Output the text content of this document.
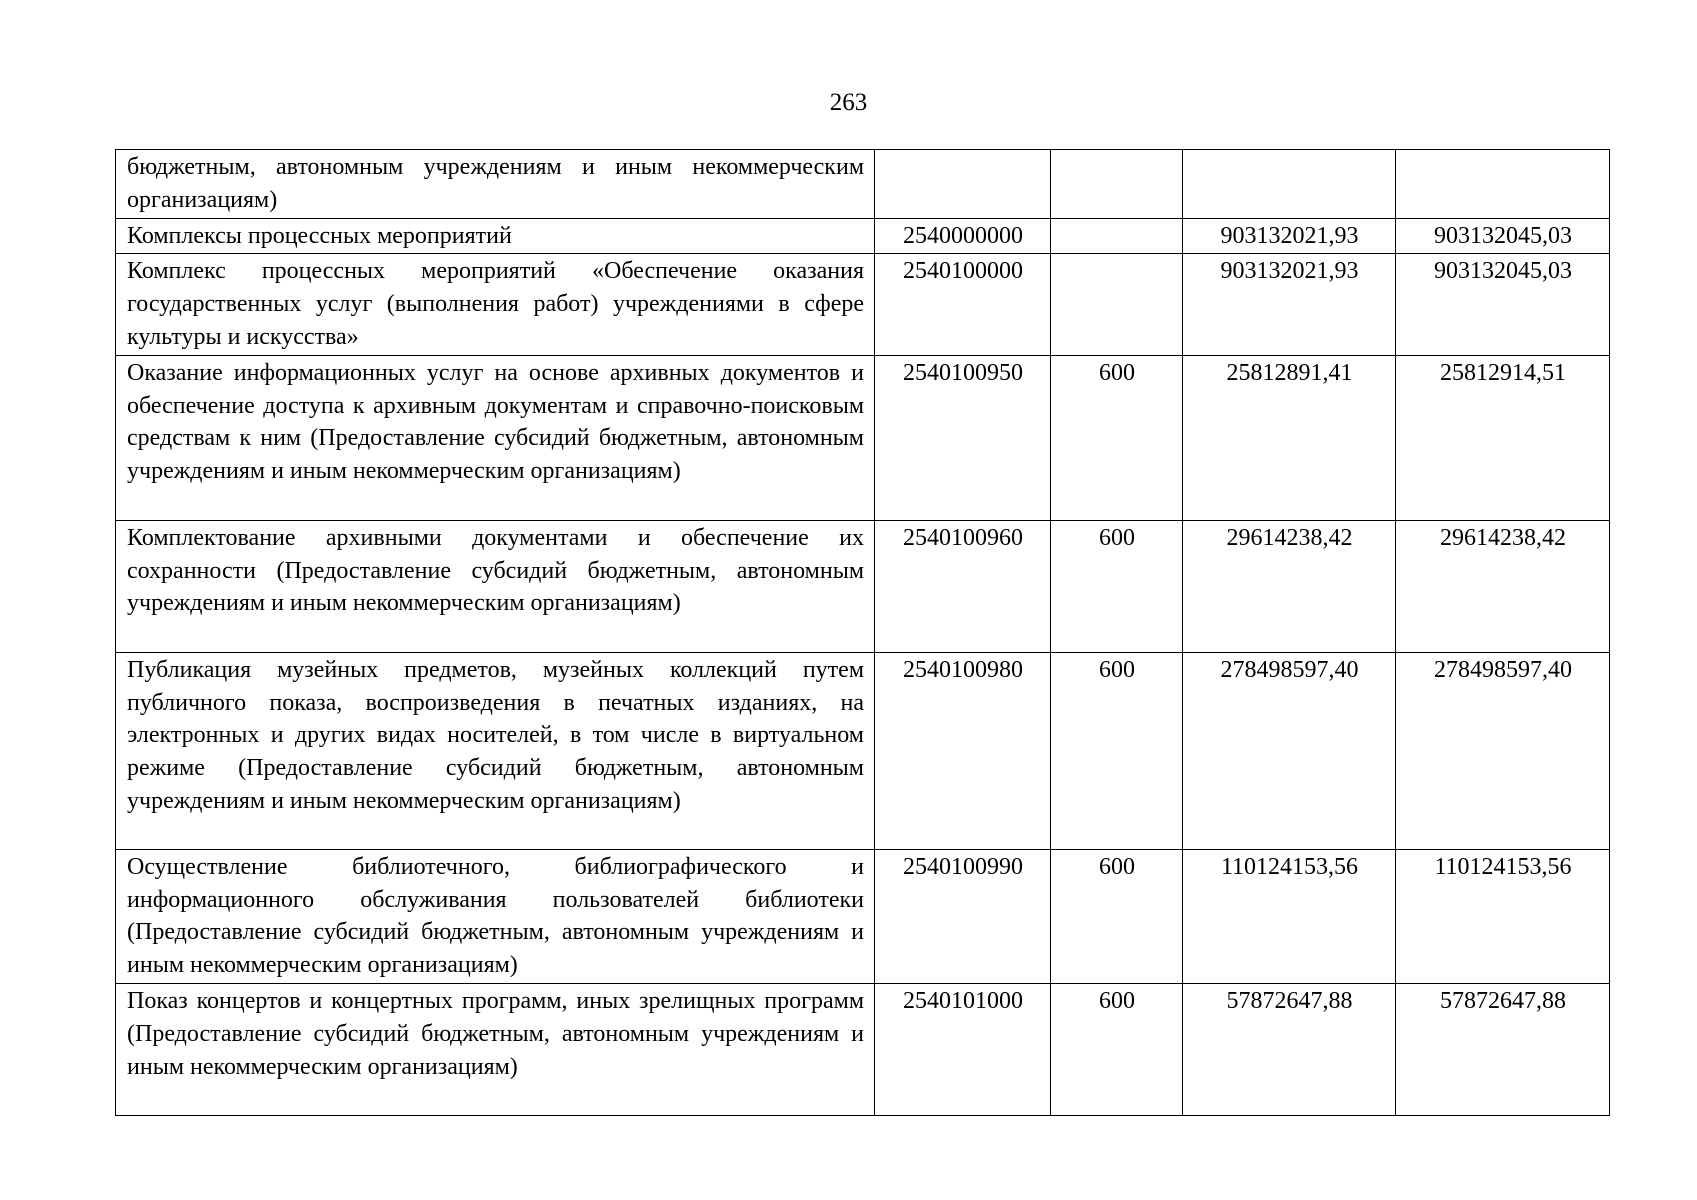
263
бюджетным, автономным учреждениям и иным некоммерческим организациям)				
Комплексы процессных мероприятий	2540000000		903132021,93	903132045,03
Комплекс процессных мероприятий «Обеспечение оказания государственных услуг (выполнения работ) учреждениями в сфере культуры и искусства»	2540100000		903132021,93	903132045,03
Оказание информационных услуг на основе архивных документов и обеспечение доступа к архивным документам и справочно-поисковым средствам к ним (Предоставление субсидий бюджетным, автономным учреждениям и иным некоммерческим организациям)	2540100950	600	25812891,41	25812914,51
Комплектование архивными документами и обеспечение их сохранности (Предоставление субсидий бюджетным, автономным учреждениям и иным некоммерческим организациям)	2540100960	600	29614238,42	29614238,42
Публикация музейных предметов, музейных коллекций путем публичного показа, воспроизведения в печатных изданиях, на электронных и других видах носителей, в том числе в виртуальном режиме (Предоставление субсидий бюджетным, автономным учреждениям и иным некоммерческим организациям)	2540100980	600	278498597,40	278498597,40
Осуществление библиотечного, библиографического и информационного обслуживания пользователей библиотеки (Предоставление субсидий бюджетным, автономным учреждениям и иным некоммерческим организациям)	2540100990	600	110124153,56	110124153,56
Показ концертов и концертных программ, иных зрелищных программ (Предоставление субсидий бюджетным, автономным учреждениям и иным некоммерческим организациям)	2540101000	600	57872647,88	57872647,88
